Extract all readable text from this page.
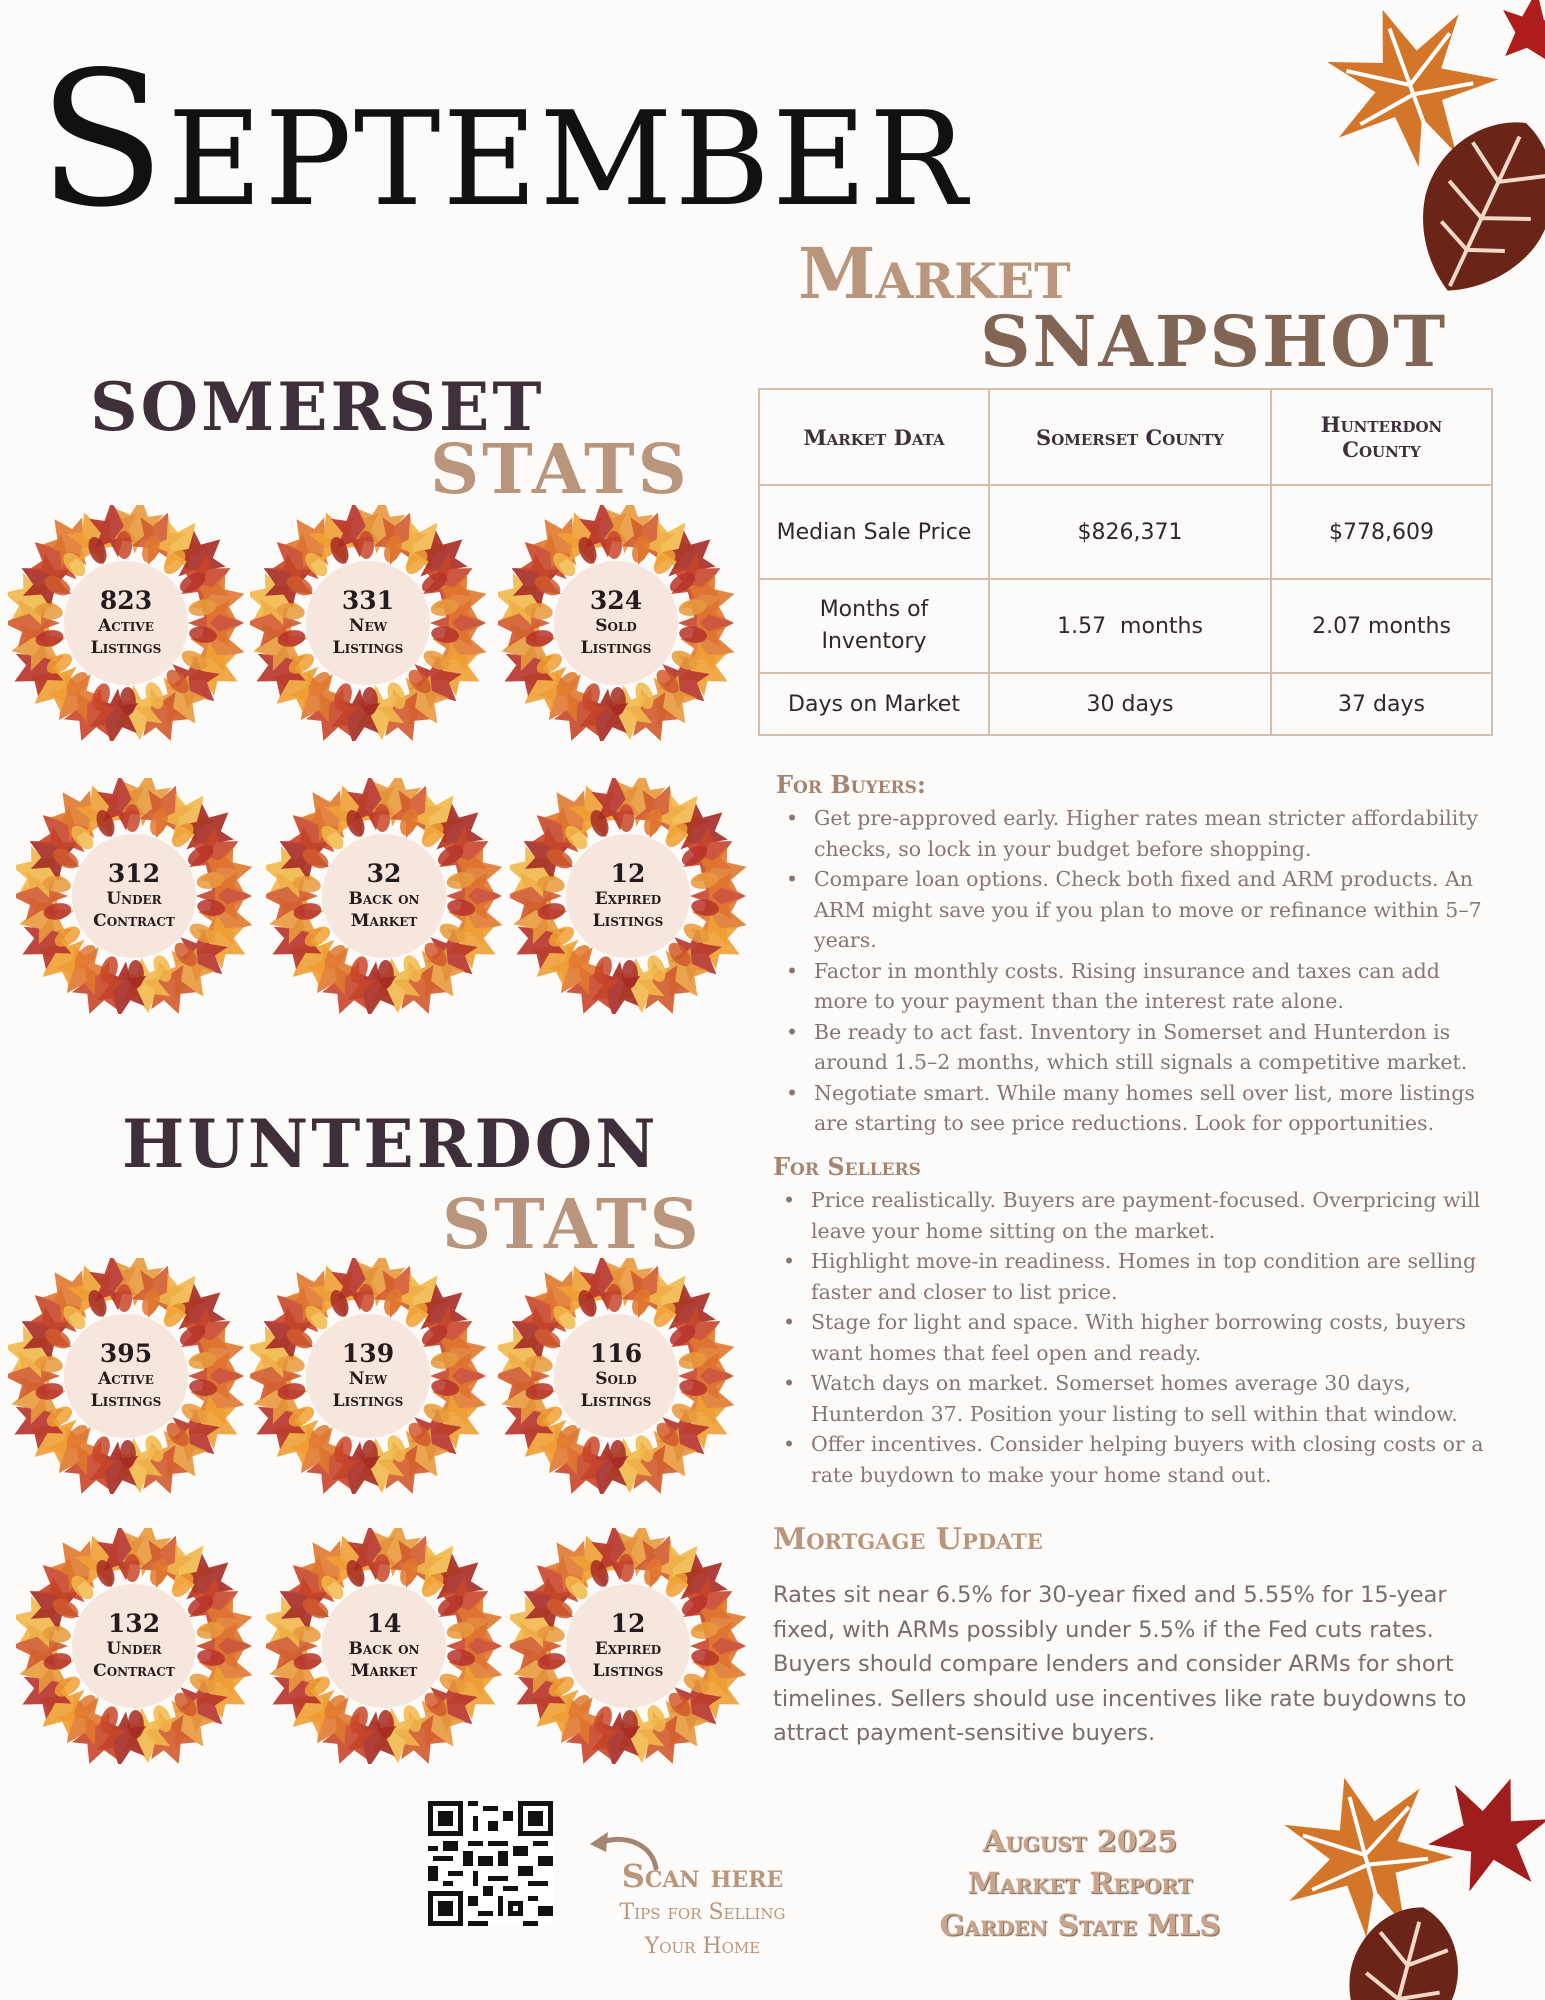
September
Market
SNAPSHOT
SOMERSET
STATS
HUNTERDON
STATS
823
Active
Listings
331
New
Listings
324
Sold
Listings
312
Under
Contract
32
Back on
Market
12
Expired
Listings
395
Active
Listings
139
New
Listings
116
Sold
Listings
132
Under
Contract
14
Back on
Market
12
Expired
Listings
Market Data	Somerset County	Hunterdon County
Median Sale Price	$826,371	$778,609
Months of Inventory	1.57  months	2.07 months
Days on Market	30 days	37 days
For Buyers:
• Get pre-approved early. Higher rates mean stricter affordability checks, so lock in your budget before shopping.
• Compare loan options. Check both fixed and ARM products. An ARM might save you if you plan to move or refinance within 5–7 years.
• Factor in monthly costs. Rising insurance and taxes can add more to your payment than the interest rate alone.
• Be ready to act fast. Inventory in Somerset and Hunterdon is around 1.5–2 months, which still signals a competitive market.
• Negotiate smart. While many homes sell over list, more listings are starting to see price reductions. Look for opportunities.
For Sellers
• Price realistically. Buyers are payment-focused. Overpricing will leave your home sitting on the market.
• Highlight move-in readiness. Homes in top condition are selling faster and closer to list price.
• Stage for light and space. With higher borrowing costs, buyers want homes that feel open and ready.
• Watch days on market. Somerset homes average 30 days, Hunterdon 37. Position your listing to sell within that window.
• Offer incentives. Consider helping buyers with closing costs or a rate buydown to make your home stand out.
Mortgage Update
Rates sit near 6.5% for 30-year fixed and 5.55% for 15-year fixed, with ARMs possibly under 5.5% if the Fed cuts rates. Buyers should compare lenders and consider ARMs for short timelines. Sellers should use incentives like rate buydowns to attract payment-sensitive buyers.
Scan here
Tips for Selling
Your Home
August 2025
Market Report
Garden State MLS
